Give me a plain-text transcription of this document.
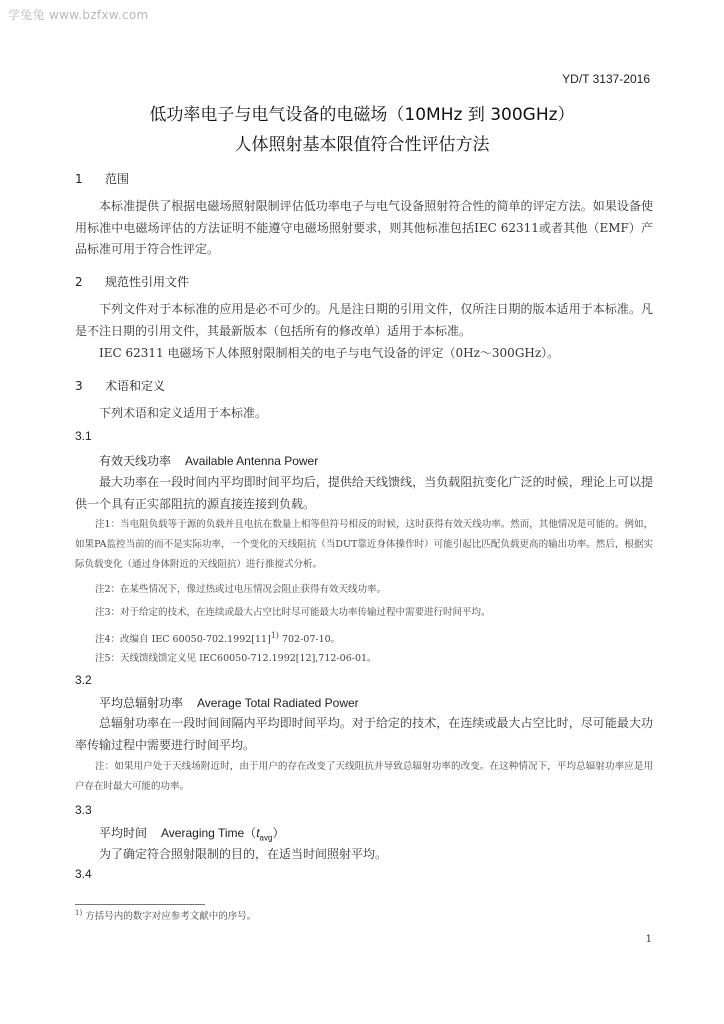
学兔兔 www.bzfxw.com
YD/T 3137-2016
低功率电子与电气设备的电磁场（10MHz 到 300GHz）
人体照射基本限值符合性评估方法
1 范围
本标准提供了根据电磁场照射限制评估低功率电子与电气设备照射符合性的简单的评定方法。如果设备使用标准中电磁场评估的方法证明不能遵守电磁场照射要求，则其他标准包括IEC 62311或者其他（EMF）产品标准可用于符合性评定。
2 规范性引用文件
下列文件对于本标准的应用是必不可少的。凡是注日期的引用文件，仅所注日期的版本适用于本标准。凡是不注日期的引用文件，其最新版本（包括所有的修改单）适用于本标准。
IEC 62311 电磁场下人体照射限制相关的电子与电气设备的评定（0Hz～300GHz）。
3 术语和定义
下列术语和定义适用于本标准。
3.1
有效天线功率 Available Antenna Power
最大功率在一段时间内平均即时间平均后，提供给天线馈线，当负载阻抗变化广泛的时候，理论上可以提供一个具有正实部阻抗的源直接连接到负载。
注1：当电阻负载等于源的负载并且电抗在数量上相等但符号相反的时候，这时获得有效天线功率。然而，其他情况是可能的。例如，如果PA监控当前的而不是实际功率，一个变化的天线阻抗（当DUT靠近身体操作时）可能引起比匹配负载更高的输出功率。然后，根据实际负载变化（通过身体附近的天线阻抗）进行推搅式分析。
注2：在某些情况下，像过热或过电压情况会阻止获得有效天线功率。
注3：对于给定的技术，在连续或最大占空比时尽可能最大功率传输过程中需要进行时间平均。
注4：改编自 IEC $60050-702.1992[11]^{1)}$ 702-07-10。
注5：天线馈线馈定义见 IEC60050-712.1992[12],712-06-01。
3.2
平均总辐射功率 Average Total Radiated Power
总辐射功率在一段时间间隔内平均即时间平均。对于给定的技术，在连续或最大占空比时，尽可能最大功率传输过程中需要进行时间平均。
注：如果用户处于天线场附近时，由于用户的存在改变了天线阻抗并导致总辐射功率的改变。在这种情况下，平均总辐射功率应是用户存在时最大可能的功率。
3.3
平均时间 Averaging $Time(t_{avg})$
为了确定符合照射限制的目的，在适当时间照射平均。
3.4
$^{1)}$ 方括号内的数字对应参考文献中的序号。
1
